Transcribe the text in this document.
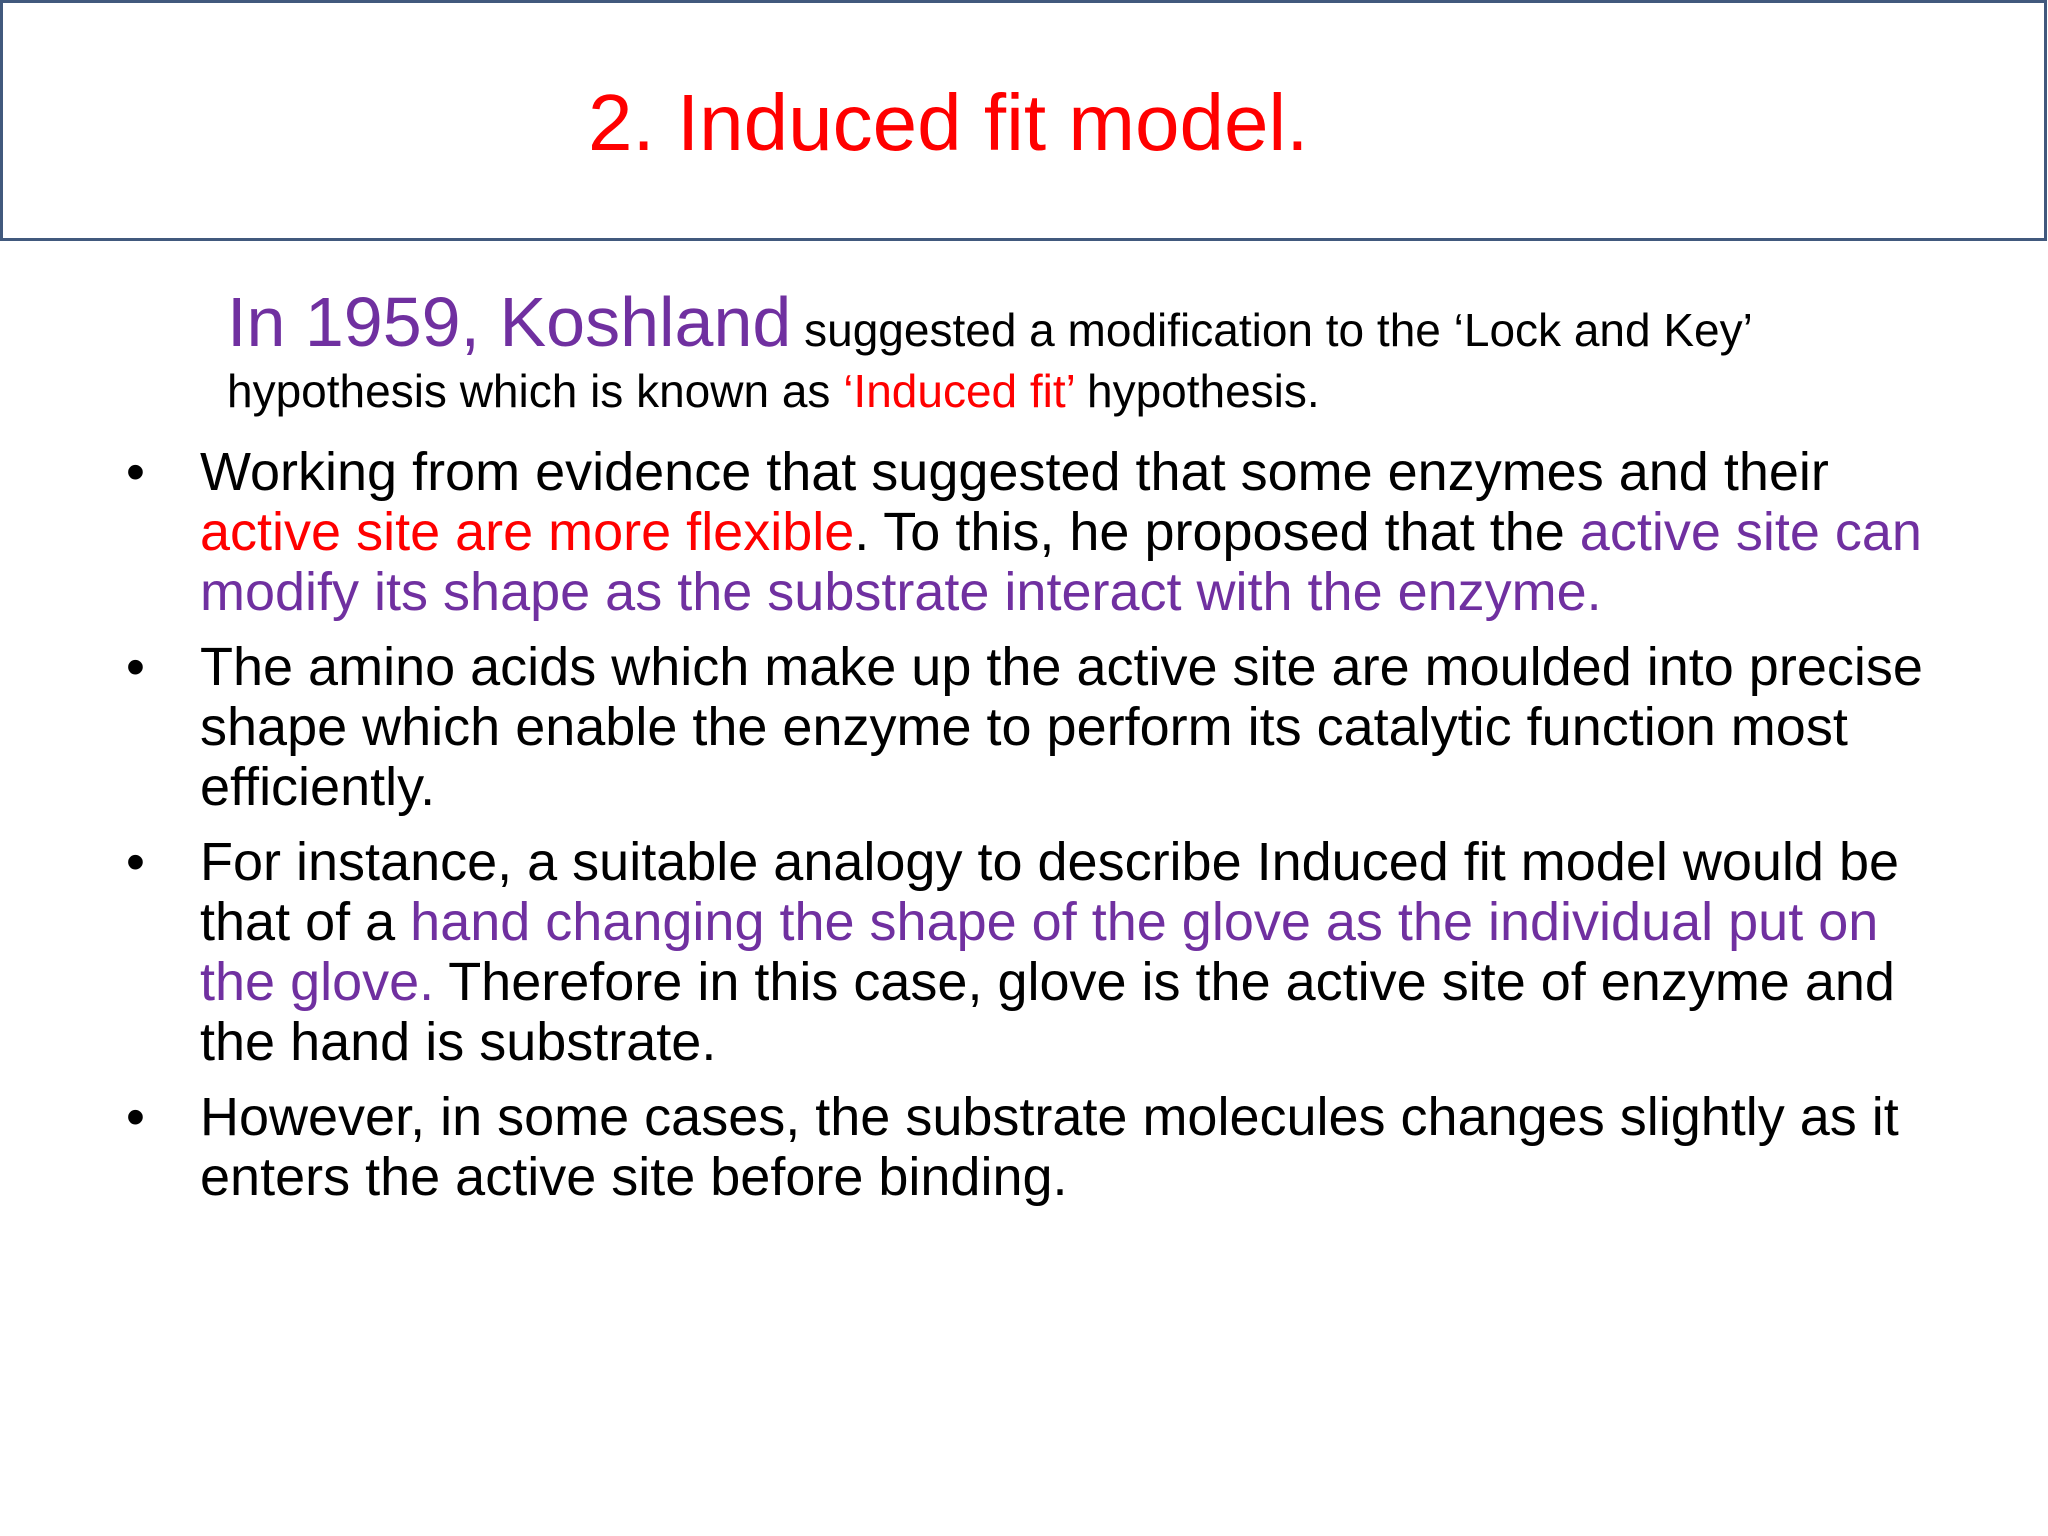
2. Induced fit model.
In 1959, Koshland suggested a modification to the ‘Lock and Key’
hypothesis which is known as ‘Induced fit’ hypothesis.
• Working from evidence that suggested that some enzymes and their active site are more flexible. To this, he proposed that the active site can modify its shape as the substrate interact with the enzyme.
• The amino acids which make up the active site are moulded into precise shape which enable the enzyme to perform its catalytic function most efficiently.
• For instance, a suitable analogy to describe Induced fit model would be that of a hand changing the shape of the glove as the individual put on the glove. Therefore in this case, glove is the active site of enzyme and the hand is substrate.
• However, in some cases, the substrate molecules changes slightly as it enters the active site before binding.
